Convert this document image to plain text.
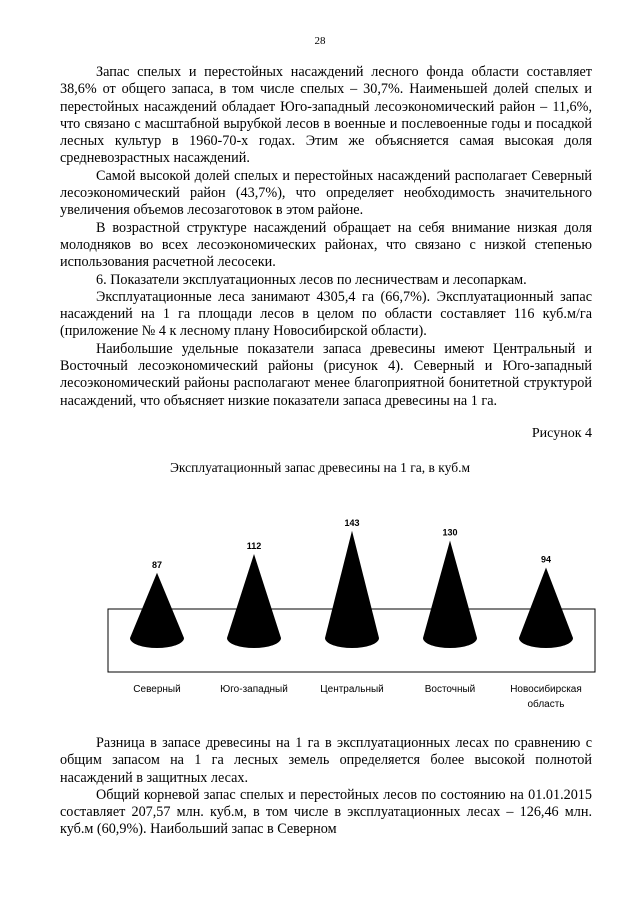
28

Запас спелых и перестойных насаждений лесного фонда области составляет 38,6% от общего запаса, в том числе спелых – 30,7%. Наименьшей долей спелых и перестойных насаждений обладает Юго-западный лесоэкономический район – 11,6%, что связано с масштабной вырубкой лесов в военные и послевоенные годы и посадкой лесных культур в 1960-70-х годах. Этим же объясняется самая высокая доля средневозрастных насаждений.

Самой высокой долей спелых и перестойных насаждений располагает Северный лесоэкономический район (43,7%), что определяет необходимость значительного увеличения объемов лесозаготовок в этом районе.

В возрастной структуре насаждений обращает на себя внимание низкая доля молодняков во всех лесоэкономических районах, что связано с низкой степенью использования расчетной лесосеки.

6. Показатели эксплуатационных лесов по лесничествам и лесопаркам.

Эксплуатационные леса занимают 4305,4 га (66,7%). Эксплуатационный запас насаждений на 1 га площади лесов в целом по области составляет 116 куб.м/га (приложение № 4 к лесному плану Новосибирской области).

Наибольшие удельные показатели запаса древесины имеют Центральный и Восточный лесоэкономический районы (рисунок 4). Северный и Юго-западный лесоэкономический районы располагают менее благоприятной бонитетной структурой насаждений, что объясняет низкие показатели запаса древесины на 1 га.

Рисунок 4
Эксплуатационный запас древесины на 1 га, в куб.м
87
Северный
112
Юго-западный
143
Центральный
130
Восточный
94
Новосибирская
область

Разница в запасе древесины на 1 га в эксплуатационных лесах по сравнению с общим запасом на 1 га лесных земель определяется более высокой полнотой насаждений в защитных лесах.

Общий корневой запас спелых и перестойных лесов по состоянию на 01.01.2015 составляет 207,57 млн. куб.м, в том числе в эксплуатационных лесах – 126,46 млн. куб.м (60,9%). Наибольший запас в Северном
